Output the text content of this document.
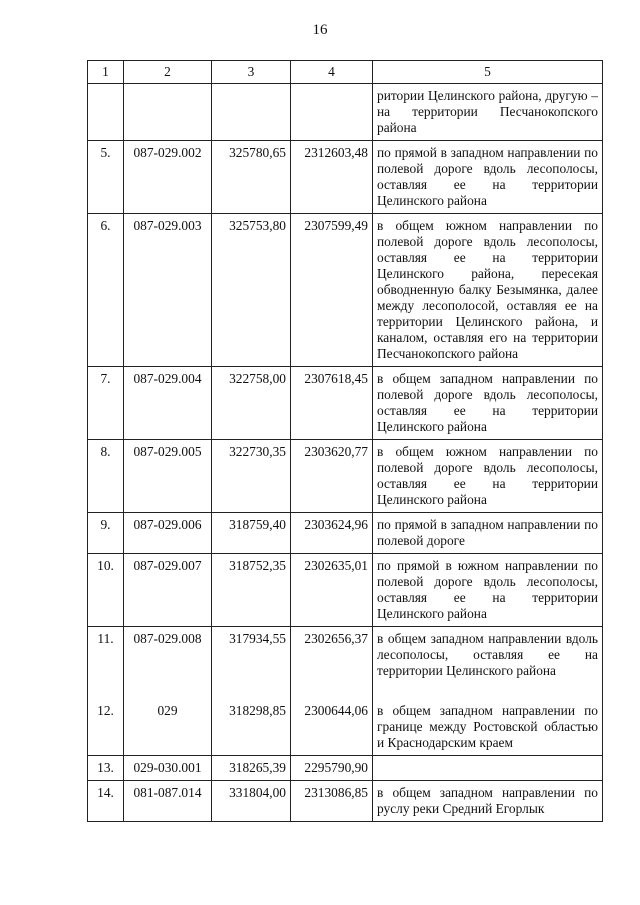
16
1	2	3	4	5
				ритории Целинского района, другую – на территории Песчанокопского района
5.	087-029.002	325780,65	2312603,48	по прямой в западном направлении по полевой дороге вдоль лесополосы, оставляя ее на территории Целинского района
6.	087-029.003	325753,80	2307599,49	в общем южном направлении по полевой дороге вдоль лесополосы, оставляя ее на территории Целинского района, пересекая обводненную балку Безымянка, далее между лесополосой, оставляя ее на территории Целинского района, и каналом, оставляя его на территории Песчанокопского района
7.	087-029.004	322758,00	2307618,45	в общем западном направлении по полевой дороге вдоль лесополосы, оставляя ее на территории Целинского района
8.	087-029.005	322730,35	2303620,77	в общем южном направлении по полевой дороге вдоль лесополосы, оставляя ее на территории Целинского района
9.	087-029.006	318759,40	2303624,96	по прямой в западном направлении по полевой дороге
10.	087-029.007	318752,35	2302635,01	по прямой в южном направлении по полевой дороге вдоль лесополосы, оставляя ее на территории Целинского района
11.	087-029.008	317934,55	2302656,37	в общем западном направлении вдоль лесополосы, оставляя ее на территории Целинского района
12.	029	318298,85	2300644,06	в общем западном направлении по границе между Ростовской областью и Краснодарским краем
13.	029-030.001	318265,39	2295790,90	
14.	081-087.014	331804,00	2313086,85	в общем западном направлении по руслу реки Средний Егорлык
